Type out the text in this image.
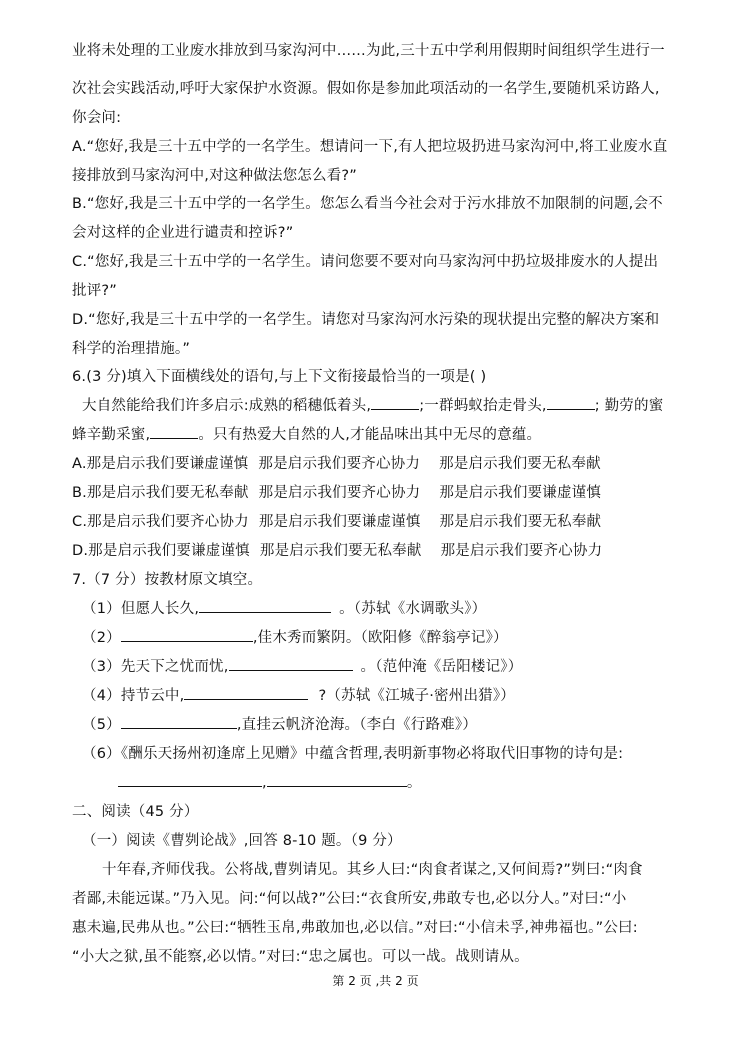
业将未处理的工业废水排放到马家沟河中……为此,三十五中学利用假期时间组织学生进行一
次社会实践活动,呼吁大家保护水资源。假如你是参加此项活动的一名学生,要随机采访路人,
你会问:
A.“您好,我是三十五中学的一名学生。想请问一下,有人把垃圾扔进马家沟河中,将工业废水直
接排放到马家沟河中,对这种做法您怎么看?”
B.“您好,我是三十五中学的一名学生。您怎么看当今社会对于污水排放不加限制的问题,会不
会对这样的企业进行谴责和控诉?”
C.“您好,我是三十五中学的一名学生。请问您要不要对向马家沟河中扔垃圾排废水的人提出
批评?”
D.“您好,我是三十五中学的一名学生。请您对马家沟河水污染的现状提出完整的解决方案和
科学的治理措施。”
6.(3 分)填入下面横线处的语句,与上下文衔接最恰当的一项是( )
大自然能给我们许多启示:成熟的稻穗低着头,	;一群蚂蚁抬走骨头,	; 勤劳的蜜
蜂辛勤采蜜,	。只有热爱大自然的人,才能品味出其中无尽的意蕴。
A.那是启示我们要谦虚谨慎 那是启示我们要齐心协力 那是启示我们要无私奉献
B.那是启示我们要无私奉献 那是启示我们要齐心协力 那是启示我们要谦虚谨慎
C.那是启示我们要齐心协力 那是启示我们要谦虚谨慎 那是启示我们要无私奉献
D.那是启示我们要谦虚谨慎 那是启示我们要无私奉献 那是启示我们要齐心协力
7.（7 分）按教材原文填空。
（1）但愿人长久,	。（苏轼《水调歌头》）
（2）	,佳木秀而繁阴。（欧阳修《醉翁亭记》）
（3）先天下之忧而忧,	。（范仲淹《岳阳楼记》）
（4）持节云中,	?（苏轼《江城子·密州出猎》）
（5）	,直挂云帆济沧海。（李白《行路难》）
（6）《酬乐天扬州初逢席上见赠》中蕴含哲理,表明新事物必将取代旧事物的诗句是:
,	。
二、阅读（45 分）
（一）阅读《曹刿论战》,回答 8-10 题。（9 分）
十年春,齐师伐我。公将战,曹刿请见。其乡人曰:“肉食者谋之,又何间焉?”刿曰:“肉食
者鄙,未能远谋。”乃入见。问:“何以战?”公曰:“衣食所安,弗敢专也,必以分人。”对曰:“小
惠未遍,民弗从也。”公曰:“牺牲玉帛,弗敢加也,必以信。”对曰:“小信未孚,神弗福也。”公曰:
“小大之狱,虽不能察,必以情。”对曰:“忠之属也。可以一战。战则请从。
第 2 页 ,共 2 页
